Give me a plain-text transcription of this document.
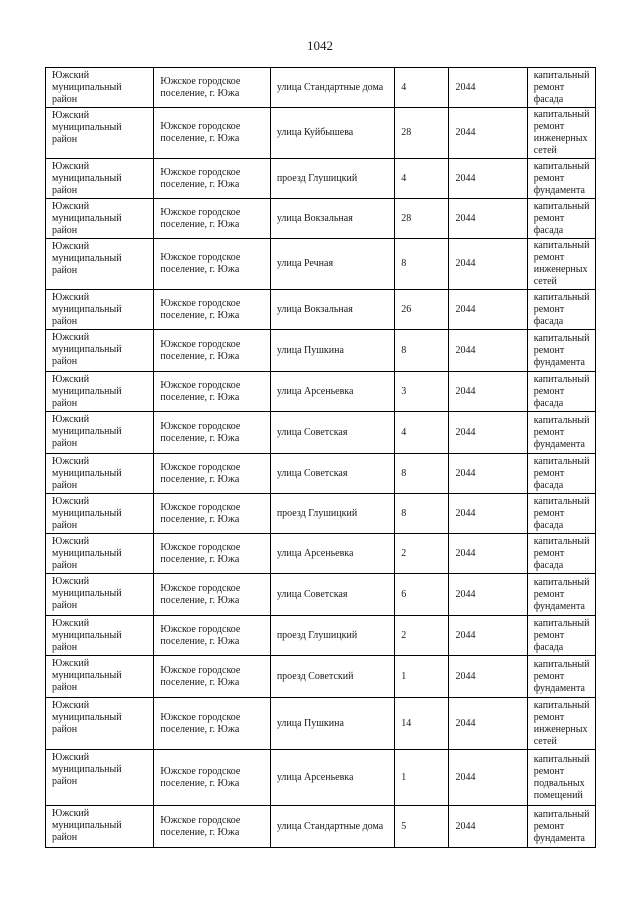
1042
Южский муниципальный район	Южское городское поселение, г. Южа	улица Стандартные дома	4	2044	капитальный ремонт фасада
Южский муниципальный район	Южское городское поселение, г. Южа	улица Куйбышева	28	2044	капитальный ремонт инженерных сетей
Южский муниципальный район	Южское городское поселение, г. Южа	проезд Глушицкий	4	2044	капитальный ремонт фундамента
Южский муниципальный район	Южское городское поселение, г. Южа	улица Вокзальная	28	2044	капитальный ремонт фасада
Южский муниципальный район	Южское городское поселение, г. Южа	улица Речная	8	2044	капитальный ремонт инженерных сетей
Южский муниципальный район	Южское городское поселение, г. Южа	улица Вокзальная	26	2044	капитальный ремонт фасада
Южский муниципальный район	Южское городское поселение, г. Южа	улица Пушкина	8	2044	капитальный ремонт фундамента
Южский муниципальный район	Южское городское поселение, г. Южа	улица Арсеньевка	3	2044	капитальный ремонт фасада
Южский муниципальный район	Южское городское поселение, г. Южа	улица Советская	4	2044	капитальный ремонт фундамента
Южский муниципальный район	Южское городское поселение, г. Южа	улица Советская	8	2044	капитальный ремонт фасада
Южский муниципальный район	Южское городское поселение, г. Южа	проезд Глушицкий	8	2044	капитальный ремонт фасада
Южский муниципальный район	Южское городское поселение, г. Южа	улица Арсеньевка	2	2044	капитальный ремонт фасада
Южский муниципальный район	Южское городское поселение, г. Южа	улица Советская	6	2044	капитальный ремонт фундамента
Южский муниципальный район	Южское городское поселение, г. Южа	проезд Глушицкий	2	2044	капитальный ремонт фасада
Южский муниципальный район	Южское городское поселение, г. Южа	проезд Советский	1	2044	капитальный ремонт фундамента
Южский муниципальный район	Южское городское поселение, г. Южа	улица Пушкина	14	2044	капитальный ремонт инженерных сетей
Южский муниципальный район	Южское городское поселение, г. Южа	улица Арсеньевка	1	2044	капитальный ремонт подвальных помещений
Южский муниципальный район	Южское городское поселение, г. Южа	улица Стандартные дома	5	2044	капитальный ремонт фундамента
